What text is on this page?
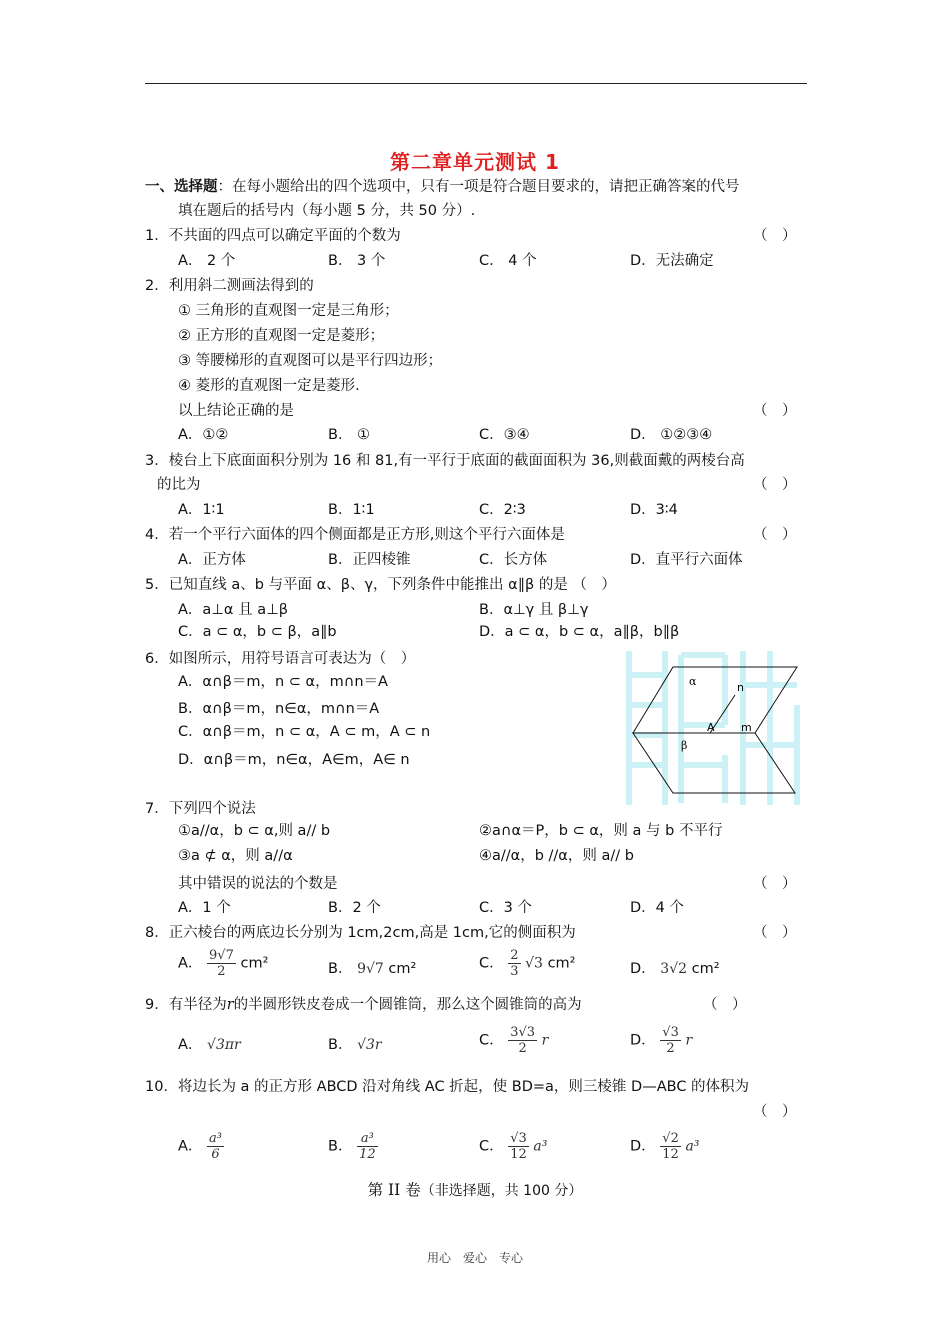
第二章单元测试 1
一、选择题：在每小题给出的四个选项中，只有一项是符合题目要求的，请把正确答案的代号
填在题后的括号内（每小题 5 分，共 50 分）.
1．不共面的四点可以确定平面的个数为	（　）
A． 2 个	B． 3 个	C． 4 个	D．无法确定
2．利用斜二测画法得到的
① 三角形的直观图一定是三角形；
② 正方形的直观图一定是菱形；
③ 等腰梯形的直观图可以是平行四边形；
④ 菱形的直观图一定是菱形.
以上结论正确的是	（　）
A．①②	B． ①	C．③④	D． ①②③④
3．棱台上下底面面积分别为 16 和 81,有一平行于底面的截面面积为 36,则截面戴的两棱台高
的比为	（　）
A．1∶1	B．1∶1	C．2∶3	D．3∶4
4．若一个平行六面体的四个侧面都是正方形,则这个平行六面体是	（　）
A．正方体	B．正四棱锥	C．长方体	D．直平行六面体
5．已知直线 a、b 与平面 α、β、γ，下列条件中能推出 α∥β 的是 （　）
A．a⊥α 且 a⊥β	B．α⊥γ 且 β⊥γ
C．a ⊂ α，b ⊂ β，a∥b	D．a ⊂ α，b ⊂ α，a∥β，b∥β
6．如图所示，用符号语言可表达为（　）
A．α∩β＝m，n ⊂ α，m∩n＝A
B．α∩β＝m，n∈α，m∩n＝A
C．α∩β＝m，n ⊂ α，A ⊂ m，A ⊂ n
D．α∩β＝m，n∈α，A∈m，A∈ n
α	n
A m
β
7．下列四个说法
①a//α，b ⊂ α,则 a// b	②a∩α＝P，b ⊂ α，则 a 与 b 不平行
③a ⊄ α，则 a//α	④a//α，b //α，则 a// b
其中错误的说法的个数是	（　）
A．1 个	B．2 个	C．3 个	D．4 个
8．正六棱台的两底边长分别为 1cm,2cm,高是 1cm,它的侧面积为	（　）
A． $\frac{9√7}{2} cm^2$	B． 9√7 cm²	C． $\frac{2}{3} √3$ cm²	D． 3√2 cm²
9．有半径为r的半圆形铁皮卷成一个圆锥筒，那么这个圆锥筒的高为	（　）
A． √3πr	B． √3r	C． $\frac{3√3}{2}$ r	D． $\frac{√3}{2}$ r
10．将边长为 a 的正方形 ABCD 沿对角线 AC 折起，使 BD=a，则三棱锥 D—ABC 的体积为
（　）
A． $\frac{\text{a³}}{6}$	B． $\frac{\text{a³}}{12}$	C． $\frac{√3}{12} a^3$	D． $\frac{√2}{12} a^3$
第 II 卷（非选择题，共 100 分）
用心　爱心　专心
